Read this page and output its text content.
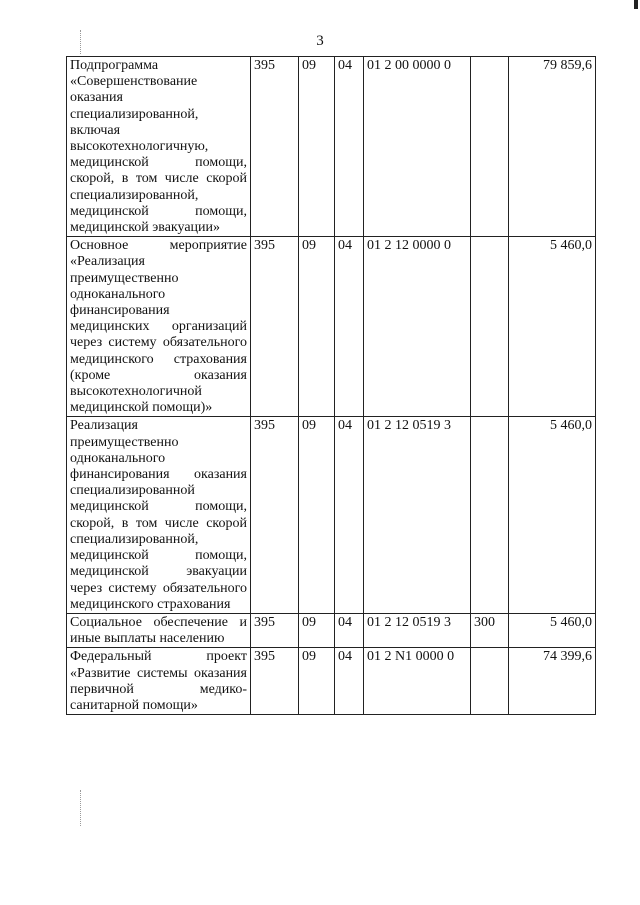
3
Подпрограмма «Совершенствование оказания специализированной, включая высокотехнологичную, медицинской помощи, скорой, в том числе скорой специализированной, медицинской помощи, медицинской эвакуации»	395	09	04	01 2 00 0000 0		79 859,6
Основное мероприятие «Реализация преимущественно одноканального финансирования медицинских организаций через систему обязательного медицинского страхования (кроме оказания высокотехнологичной медицинской помощи)»	395	09	04	01 2 12 0000 0		5 460,0
Реализация преимущественно одноканального финансирования оказания специализированной медицинской помощи, скорой, в том числе скорой специализированной, медицинской помощи, медицинской эвакуации через систему обязательного медицинского страхования	395	09	04	01 2 12 0519 3		5 460,0
Социальное обеспечение и иные выплаты населению	395	09	04	01 2 12 0519 3	300	5 460,0
Федеральный проект «Развитие системы оказания первичной медико-санитарной помощи»	395	09	04	01 2 N1 0000 0		74 399,6
